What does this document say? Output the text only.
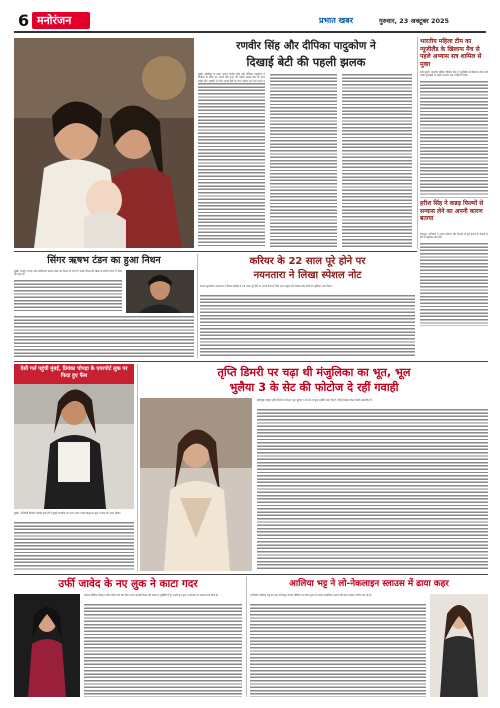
6 मनोरंजन	प्रभात खबर	गुरुवार, 23 अक्टूबर 2025
रणवीर सिंह और दीपिका पादुकोण ने
दिखाई बेटी की पहली झलक
मुंबई। बॉलीवुड के पावर कपल रणवीर सिंह और दीपिका पादुकोण ने दिवाली के मौके पर अपनी बेटी दुआ की पहली झलक फैंस के साथ
भारतीय महिला टीम का न्यूजीलैंड के खिलाफ मैच से पहले अभ्यास सत्र शामिल से मुक्त
नवी मुंबई। भारतीय महिला क्रिकेट टीम ने न्यूजीलैंड के खिलाफ होने वाले अहम मुकाबले से पहले अभ्यास सत्र में हिस्सा लिया।
हरीश सिंह ने कन्नड़ फिल्मों से सन्यास लेने का अपनी कारण बताया
बेंगलुरु। अभिनेता ने अपने करियर और फिल्मों से दूरी बनाने के फैसले के बारे में खुलकर बात की।
सिंगर ऋषभ टंडन का हुआ निधन
मुंबई। मशहूर गायक और संगीतकार ऋषभ टंडन का निधन हो गया है। उनके निधन की खबर से संगीत जगत में शोक की लहर है।
करियर के 22 साल पूरे होने पर
नयनतारा ने लिखा स्पेशल नोट
साउथ सुपरस्टार नयनतारा ने फिल्म इंडस्ट्री में 22 साल पूरे होने पर अपने फैंस के लिए एक भावुक नोट लिखा और सभी का शुक्रिया अदा किया।
देसी गर्ल पहुंची मुंबई, प्रियंका चोपड़ा के एयरपोर्ट लुक पर फिदा हुए फैंस
मुंबई। अभिनेत्री प्रियंका चोपड़ा हाल ही में मुंबई एयरपोर्ट पर नजर आईं। उनके कैजुअल लुक ने फैंस का ध्यान खींचा।
तृप्ति डिमरी पर चढ़ा थी मंजुलिका का भूत, भूल
भुलैया 3 के सेट की फोटोज दे रहीं गवाही
बॉलीवुड एक्ट्रेस तृप्ति डिमरी ने फिल्म भूल भुलैया 3 के सेट से कुछ तस्वीरें शेयर की हैं, जिन्हें देखकर फैंस काफी उत्साहित हैं।
उर्फी जावेद के नए लुक ने काटा गदर
सोशल मीडिया सेंसेशन उर्फी जावेद एक बार फिर अपने अनोखे फैशन की वजह से सुर्खियों में हैं। उनके नए लुक ने इंटरनेट पर धमाल मचा दिया है।
आलिया भट्ट ने लो-नेकलाइन स्लाउस में ढाया कहर
अभिनेत्री आलिया भट्ट का नया फोटोशूट सोशल मीडिया पर छाया हुआ है। उनके स्टाइलिश अंदाज की फैंस जमकर तारीफ कर रहे हैं।
